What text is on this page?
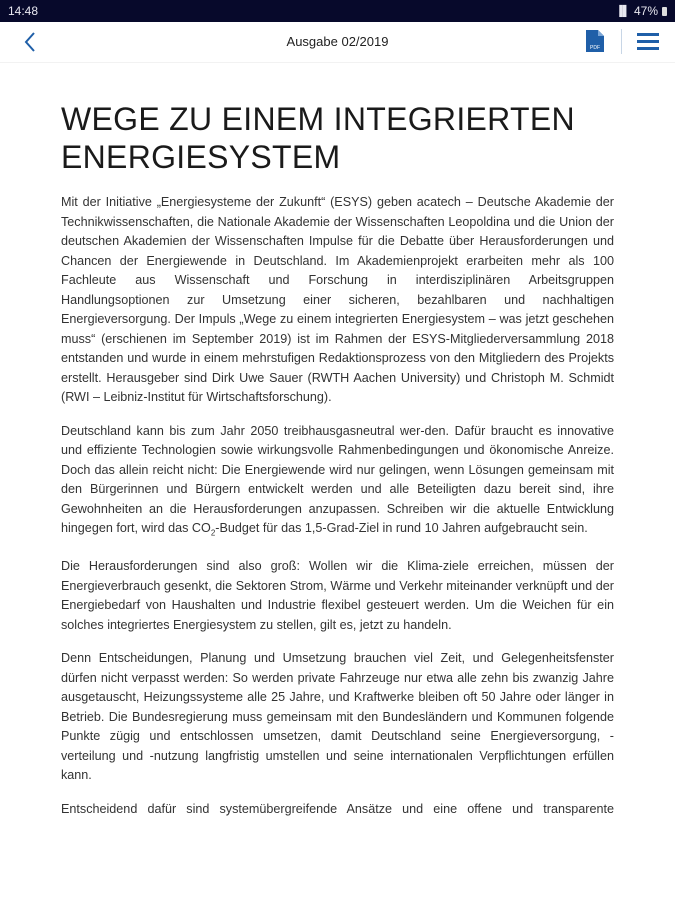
14:48	▐▌ 47%
Ausgabe 02/2019	PDF
WEGE ZU EINEM INTEGRIERTEN ENERGIESYSTEM

Mit der Initiative „Energiesysteme der Zukunft“ (ESYS) geben acatech – Deutsche Akademie der Technikwissenschaften, die Nationale Akademie der Wissenschaften Leopoldina und die Union der deutschen Akademien der Wissenschaften Impulse für die Debatte über Herausforderungen und Chancen der Energiewende in Deutschland. Im Akademienprojekt erarbeiten mehr als 100 Fachleute aus Wissenschaft und Forschung in interdisziplinären Arbeitsgruppen Handlungsoptionen zur Umsetzung einer sicheren, bezahlbaren und nachhaltigen Energieversorgung. Der Impuls „Wege zu einem integrierten Energiesystem – was jetzt geschehen muss“ (erschienen im September 2019) ist im Rahmen der ESYS-Mitgliederversammlung 2018 entstanden und wurde in einem mehrstufigen Redaktionsprozess von den Mitgliedern des Projekts erstellt. Herausgeber sind Dirk Uwe Sauer (RWTH Aachen University) und Christoph M. Schmidt (RWI – Leibniz-Institut für Wirtschaftsforschung).

Deutschland kann bis zum Jahr 2050 treibhausgasneutral wer-den. Dafür braucht es innovative und effiziente Technologien sowie wirkungsvolle Rahmenbedingungen und ökonomische Anreize. Doch das allein reicht nicht: Die Energiewende wird nur gelingen, wenn Lösungen gemeinsam mit den Bürgerinnen und Bürgern entwickelt werden und alle Beteiligten dazu bereit sind, ihre Gewohnheiten an die Herausforderungen anzupassen. Schreiben wir die aktuelle Entwicklung hingegen fort, wird das $CO_2$-Budget für das 1,5-Grad-Ziel in rund 10 Jahren aufgebraucht sein.

Die Herausforderungen sind also groß: Wollen wir die Klima-ziele erreichen, müssen der Energieverbrauch gesenkt, die Sektoren Strom, Wärme und Verkehr miteinander verknüpft und der Energiebedarf von Haushalten und Industrie flexibel gesteuert werden. Um die Weichen für ein solches integriertes Energiesystem zu stellen, gilt es, jetzt zu handeln.

Denn Entscheidungen, Planung und Umsetzung brauchen viel Zeit, und Gelegenheitsfenster dürfen nicht verpasst werden: So werden private Fahrzeuge nur etwa alle zehn bis zwanzig Jahre ausgetauscht, Heizungssysteme alle 25 Jahre, und Kraftwerke bleiben oft 50 Jahre oder länger in Betrieb. Die Bundesregierung muss gemeinsam mit den Bundesländern und Kommunen folgende Punkte zügig und entschlossen umsetzen, damit Deutschland seine Energieversorgung, -verteilung und -nutzung langfristig umstellen und seine internationalen Verpflichtungen erfüllen kann.

Entscheidend dafür sind systemübergreifende Ansätze und eine offene und transparente
